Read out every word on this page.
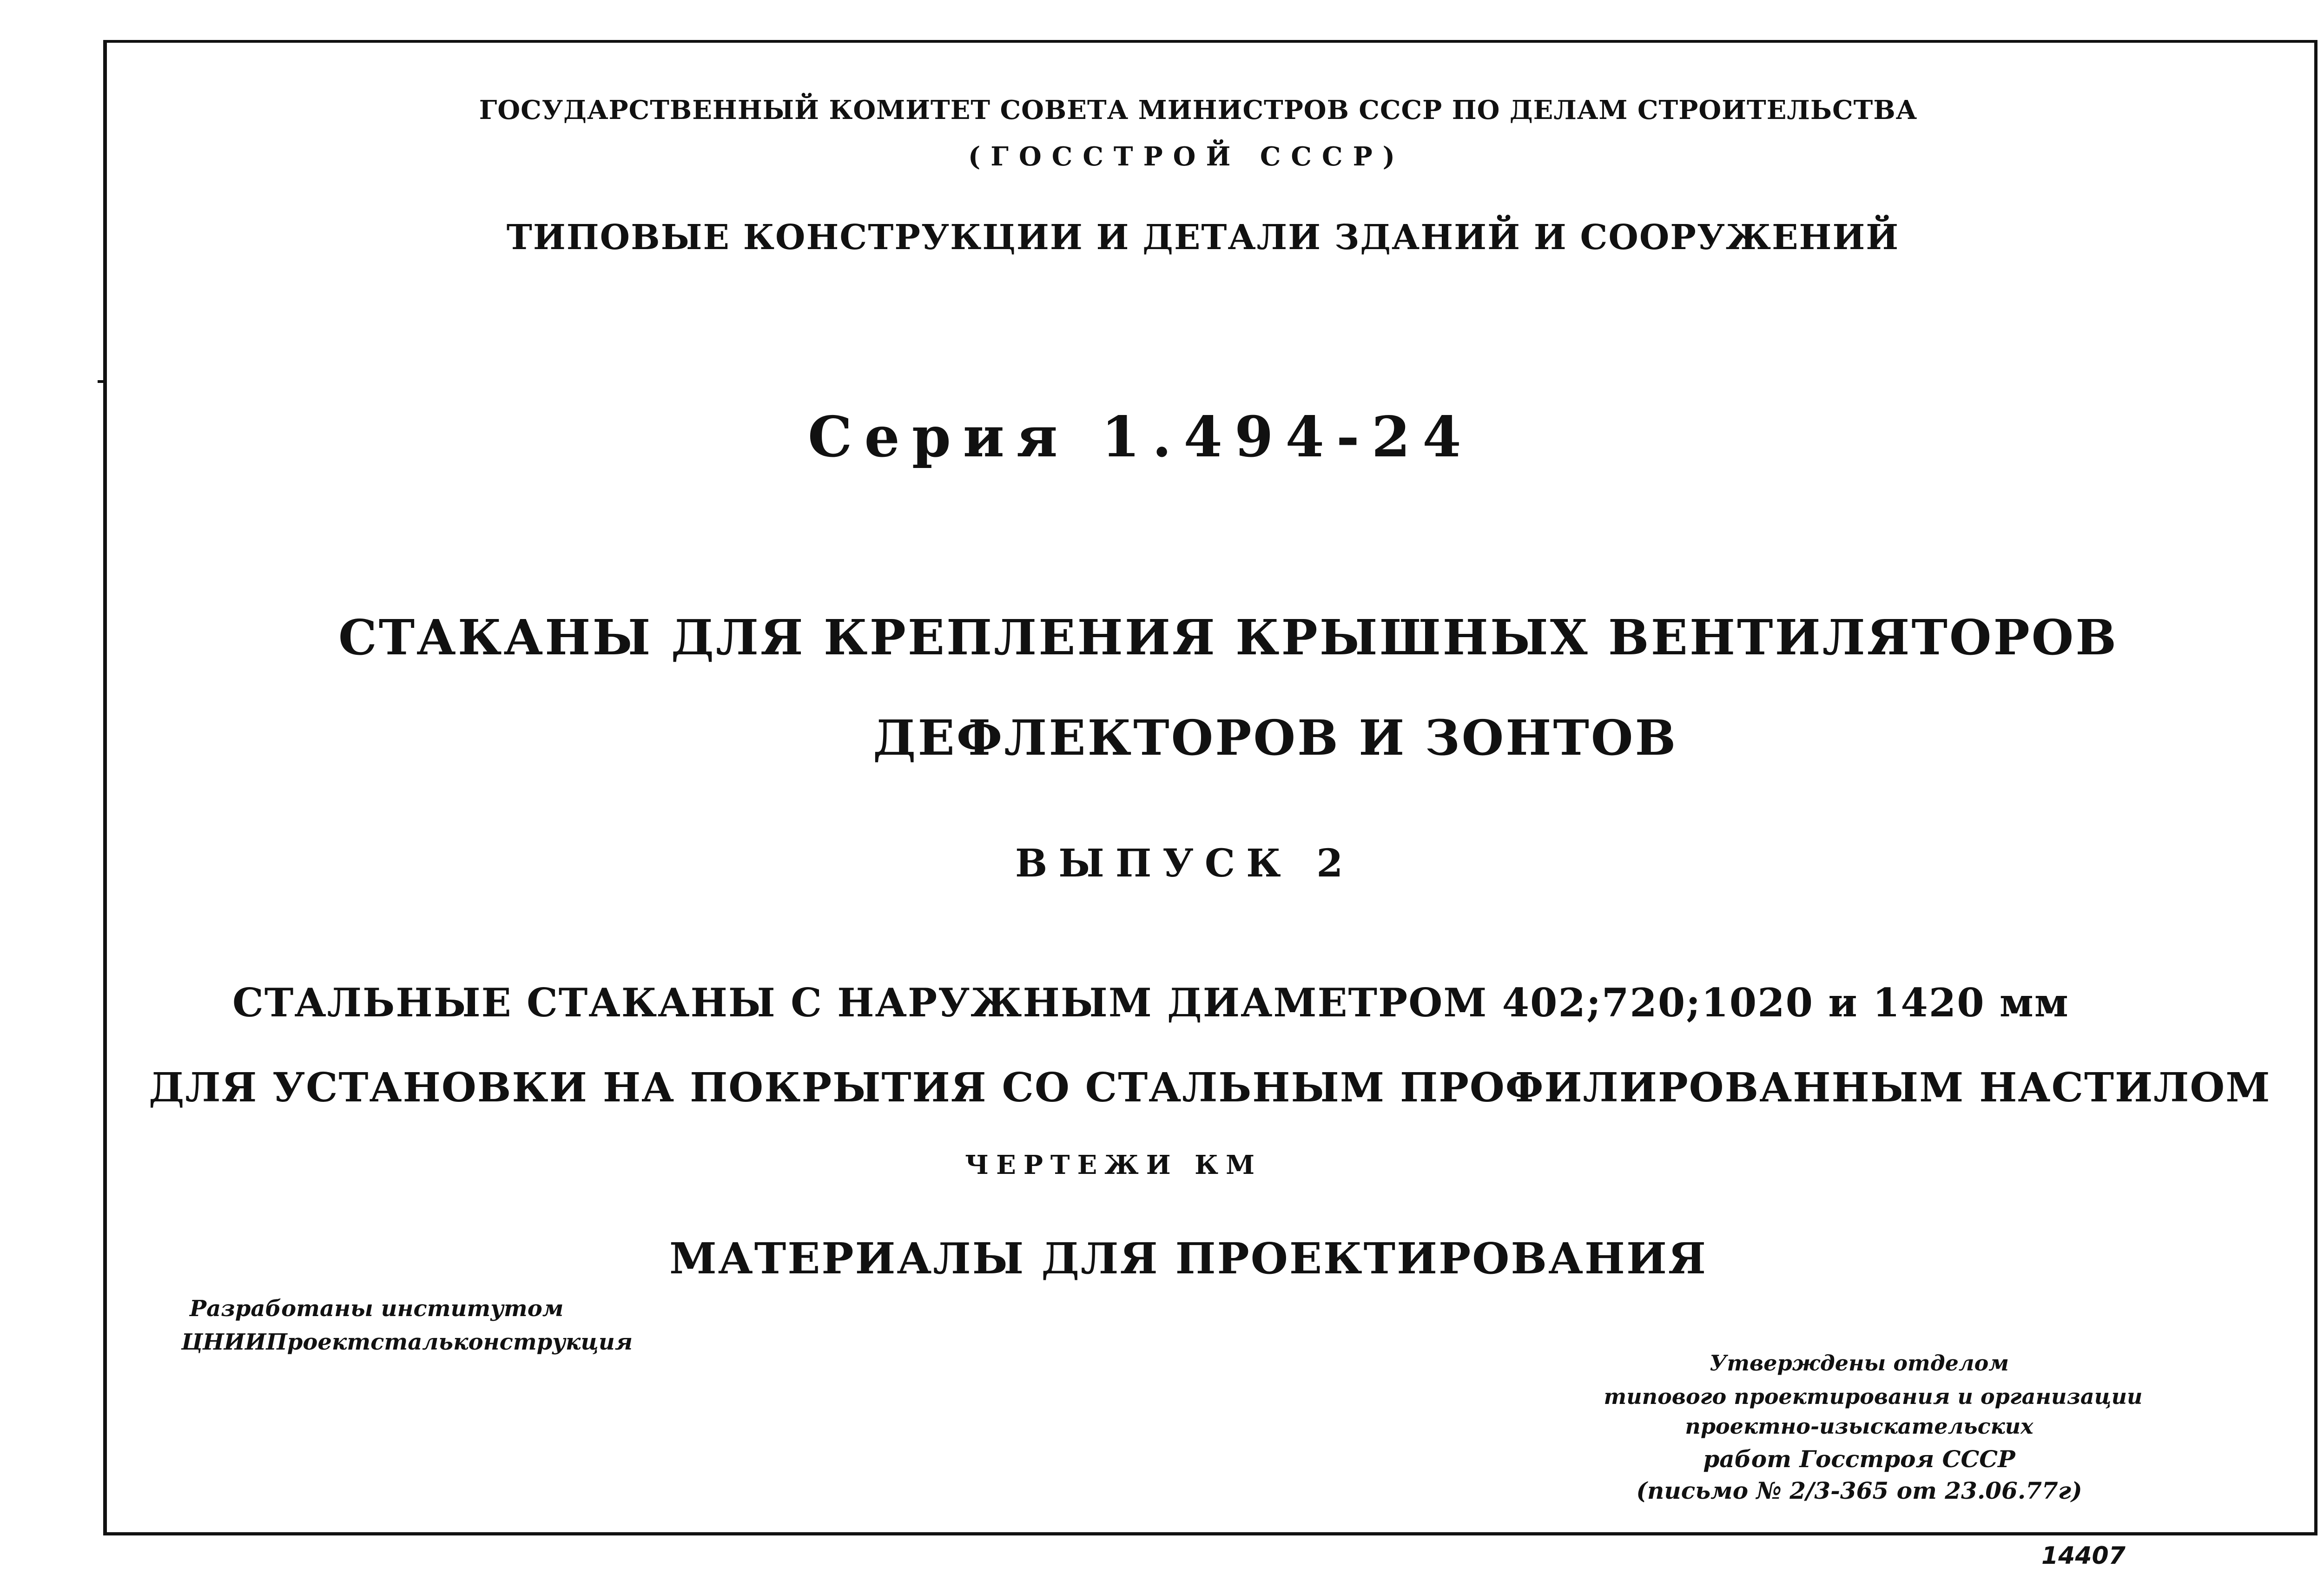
ГОСУДАРСТВЕННЫЙ КОМИТЕТ СОВЕТА МИНИСТРОВ СССР ПО ДЕЛАМ СТРОИТЕЛЬСТВА
(ГОССТРОЙ СССР)
ТИПОВЫЕ КОНСТРУКЦИИ И ДЕТАЛИ ЗДАНИЙ И СООРУЖЕНИЙ
Серия 1.494-24
СТАКАНЫ ДЛЯ КРЕПЛЕНИЯ КРЫШНЫХ ВЕНТИЛЯТОРОВ
ДЕФЛЕКТОРОВ И ЗОНТОВ
ВЫПУСК 2
СТАЛЬНЫЕ СТАКАНЫ С НАРУЖНЫМ ДИАМЕТРОМ 402;720;1020 и 1420 мм
ДЛЯ УСТАНОВКИ НА ПОКРЫТИЯ СО СТАЛЬНЫМ ПРОФИЛИРОВАННЫМ НАСТИЛОМ
ЧЕРТЕЖИ КМ
МАТЕРИАЛЫ ДЛЯ ПРОЕКТИРОВАНИЯ
Разработаны институтом
ЦНИИПроектстальконструкция
Утверждены отделом
типового проектирования и организации
проектно-изыскательских
работ Госстроя СССР
(письмо № 2/3-365 от 23.06.77г)
14407
